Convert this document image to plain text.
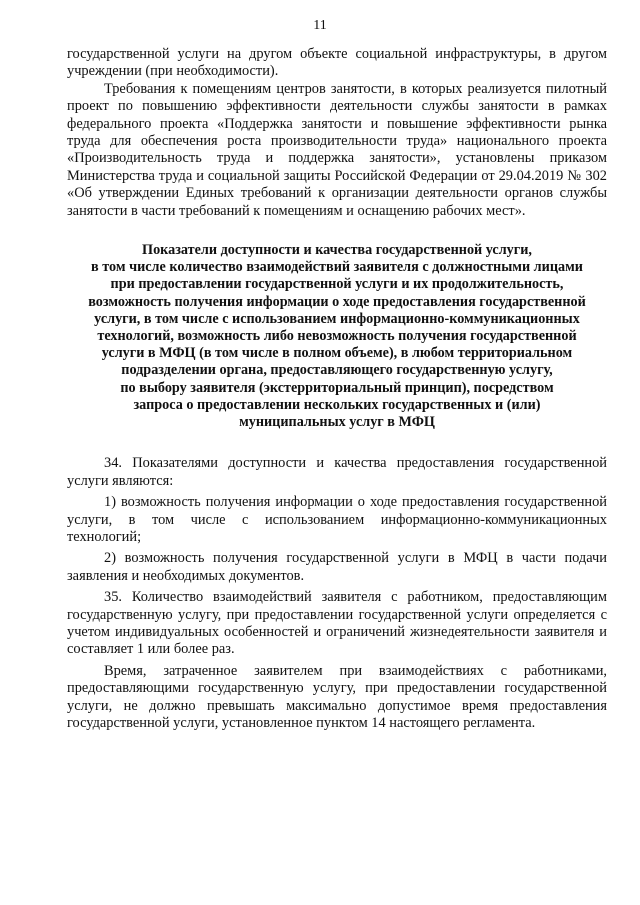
11

государственной услуги на другом объекте социальной инфраструктуры, в другом учреждении (при необходимости).

Требования к помещениям центров занятости, в которых реализуется пилотный проект по повышению эффективности деятельности службы занятости в рамках федерального проекта «Поддержка занятости и повышение эффективности рынка труда для обеспечения роста производительности труда» национального проекта «Производительность труда и поддержка занятости», установлены приказом Министерства труда и социальной защиты Российской Федерации от 29.04.2019 № 302 «Об утверждении Единых требований к организации деятельности органов службы занятости в части требований к помещениям и оснащению рабочих мест».

Показатели доступности и качества государственной услуги,
в том числе количество взаимодействий заявителя с должностными лицами
при предоставлении государственной услуги и их продолжительность,
возможность получения информации о ходе предоставления государственной
услуги, в том числе с использованием информационно-коммуникационных
технологий, возможность либо невозможность получения государственной
услуги в МФЦ (в том числе в полном объеме), в любом территориальном
подразделении органа, предоставляющего государственную услугу,
по выбору заявителя (экстерриториальный принцип), посредством
запроса о предоставлении нескольких государственных и (или)
муниципальных услуг в МФЦ

34. Показателями доступности и качества предоставления государственной услуги являются:

1) возможность получения информации о ходе предоставления государственной услуги, в том числе с использованием информационно-коммуникационных технологий;

2) возможность получения государственной услуги в МФЦ в части подачи заявления и необходимых документов.

35. Количество взаимодействий заявителя с работником, предоставляющим государственную услугу, при предоставлении государственной услуги определяется с учетом индивидуальных особенностей и ограничений жизнедеятельности заявителя и составляет 1 или более раз.

Время, затраченное заявителем при взаимодействиях с работниками, предоставляющими государственную услугу, при предоставлении государственной услуги, не должно превышать максимально допустимое время предоставления государственной услуги, установленное пунктом 14 настоящего регламента.
